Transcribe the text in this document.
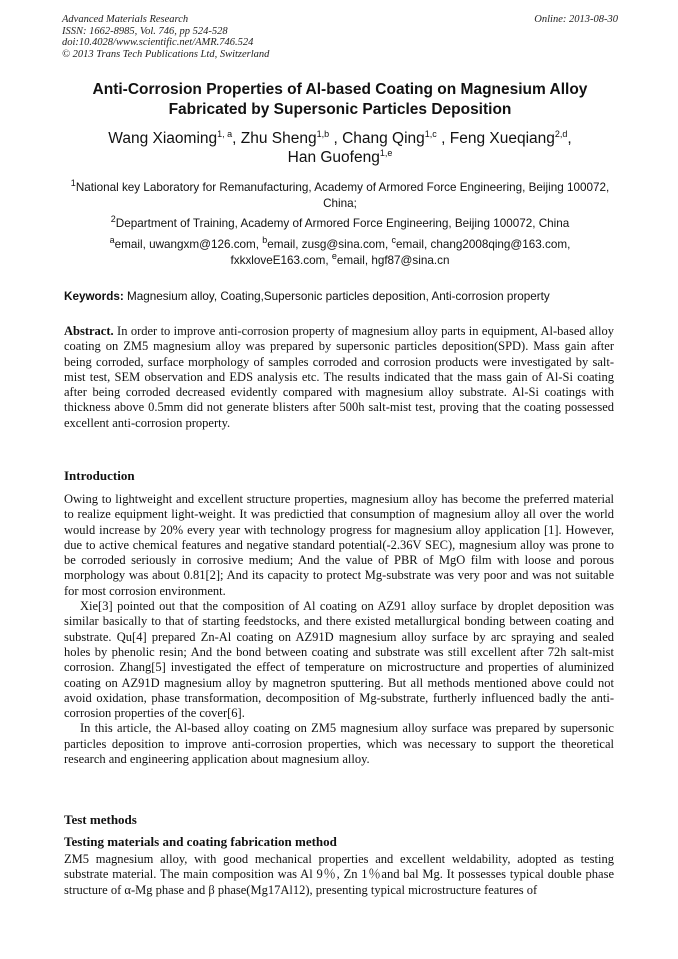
Advanced Materials Research
ISSN: 1662-8985, Vol. 746, pp 524-528
doi:10.4028/www.scientific.net/AMR.746.524
© 2013 Trans Tech Publications Ltd, Switzerland
Online: 2013-08-30
Anti-Corrosion Properties of Al-based Coating on Magnesium Alloy Fabricated by Supersonic Particles Deposition
Wang Xiaoming$^{1, a}$, Zhu Sheng$^{1,b}$ , Chang Qing$^{1,c}$ , Feng Xueqiang$^{2,d}$,
Han Guofeng$^{1,e}$
$^1$National key Laboratory for Remanufacturing, Academy of Armored Force Engineering, Beijing 100072, China;
$^2$Department of Training, Academy of Armored Force Engineering, Beijing 100072, China
$^a$email, uwangxm@126.com, $^b$email, zusg@sina.com, $^c$email, chang2008qing@163.com, fxkxloveE163.com, $^e$email, hgf87@sina.cn
Keywords: Magnesium alloy, Coating,Supersonic particles deposition, Anti-corrosion property

Abstract. In order to improve anti-corrosion property of magnesium alloy parts in equipment, Al-based alloy coating on ZM5 magnesium alloy was prepared by supersonic particles deposition(SPD). Mass gain after being corroded, surface morphology of samples corroded and corrosion products were investigated by salt-mist test, SEM observation and EDS analysis etc. The results indicated that the mass gain of Al-Si coating after being corroded decreased evidently compared with magnesium alloy substrate. Al-Si coatings with thickness above 0.5mm did not generate blisters after 500h salt-mist test, proving that the coating possessed excellent anti-corrosion property.

Introduction

Owing to lightweight and excellent structure properties, magnesium alloy has become the preferred material to realize equipment light-weight. It was predictied that consumption of magnesium alloy all over the world would increase by 20% every year with technology progress for magnesium alloy application [1]. However, due to active chemical features and negative standard potential(-2.36V SEC), magnesium alloy was prone to be corroded seriously in corrosive medium; And the value of PBR of MgO film with loose and porous morphology was about 0.81[2]; And its capacity to protect Mg-substrate was very poor and was not suitable for most corrosion environment.

Xie[3] pointed out that the composition of Al coating on AZ91 alloy surface by droplet deposition was similar basically to that of starting feedstocks, and there existed metallurgical bonding between coating and substrate. Qu[4] prepared Zn-Al coating on AZ91D magnesium alloy surface by arc spraying and sealed holes by phenolic resin; And the bond between coating and substrate was still excellent after 72h salt-mist corrosion. Zhang[5] investigated the effect of temperature on microstructure and properties of aluminized coating on AZ91D magnesium alloy by magnetron sputtering. But all methods mentioned above could not avoid oxidation, phase transformation, decomposition of Mg-substrate, furtherly influenced badly the anti-corrosion properties of the cover[6].

In this article, the Al-based alloy coating on ZM5 magnesium alloy surface was prepared by supersonic particles deposition to improve anti-corrosion properties, which was necessary to support the theoretical research and engineering application about magnesium alloy.

Test methods
Testing materials and coating fabrication method

ZM5 magnesium alloy, with good mechanical properties and excellent weldability, adopted as testing substrate material. The main composition was Al 9％, Zn 1％and bal Mg. It possesses typical double phase structure of α-Mg phase and β phase(Mg17Al12), presenting typical microstructure features of
